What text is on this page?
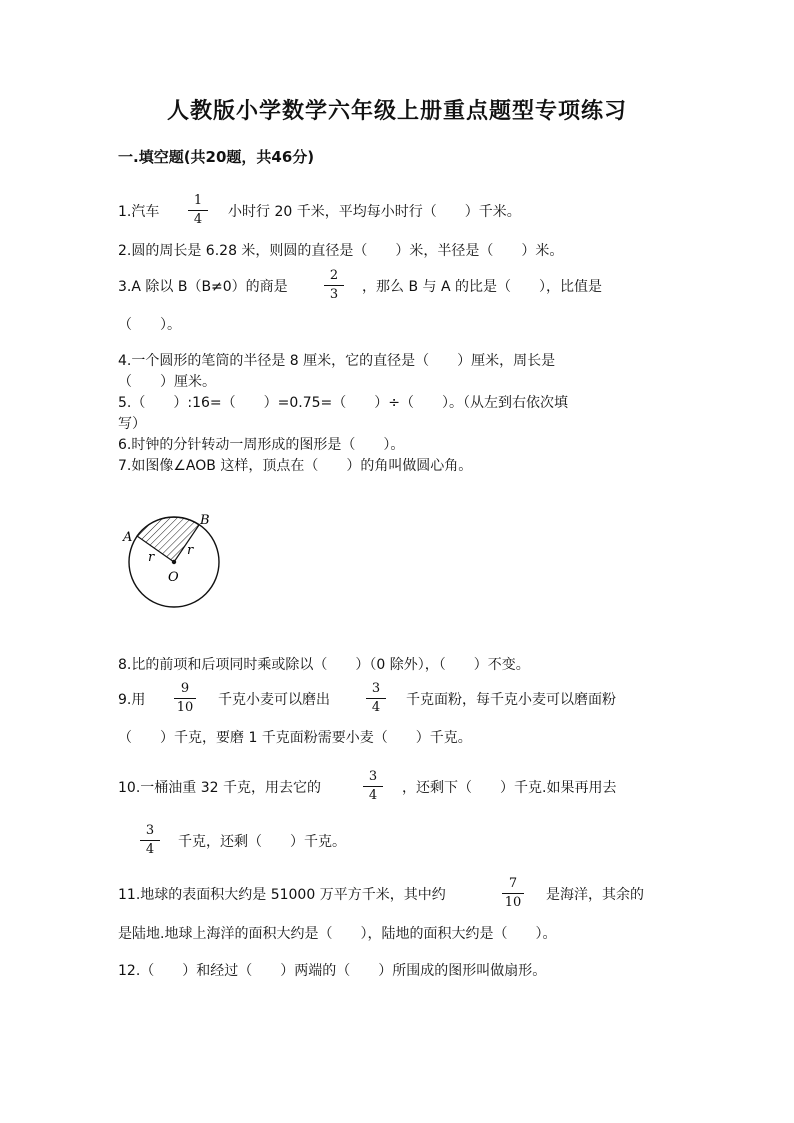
人教版小学数学六年级上册重点题型专项练习
一.填空题(共20题，共46分)
1.汽车 $\frac{1}{4}$ 小时行 20 千米，平均每小时行（　　）千米。
2.圆的周长是 6.28 米，则圆的直径是（　　）米，半径是（　　）米。
3.A 除以 B（B≠0）的商是	$\frac{2}{3}$ ，那么 B 与 A 的比是（　　），比值是
（　　）。
4.一个圆形的笔筒的半径是 8 厘米，它的直径是（　　）厘米，周长是
（　　）厘米。
5.（　　）:16=（　　）=0.75=（　　）÷（　　）。（从左到右依次填
写）
6.时钟的分针转动一周形成的图形是（　　）。
7.如图像∠AOB 这样，顶点在（　　）的角叫做圆心角。
A
B
O
r	r
8.比的前项和后项同时乘或除以（　　）（0 除外），（　　）不变。
9.用 $\frac{9}{10}$ 千克小麦可以磨出	$\frac{3}{4}$ 千克面粉，每千克小麦可以磨面粉
（　　）千克，要磨 1 千克面粉需要小麦（　　）千克。
10.一桶油重 32 千克，用去它的	$\frac{3}{4}$ ，还剩下（　　）千克.如果再用去
$\frac{3}{4}$ 千克，还剩（　　）千克。
11.地球的表面积大约是 51000 万平方千米，其中约	$\frac{7}{10}$ 是海洋，其余的
是陆地.地球上海洋的面积大约是（　　），陆地的面积大约是（　　）。
12.（　　）和经过（　　）两端的（　　）所围成的图形叫做扇形。
